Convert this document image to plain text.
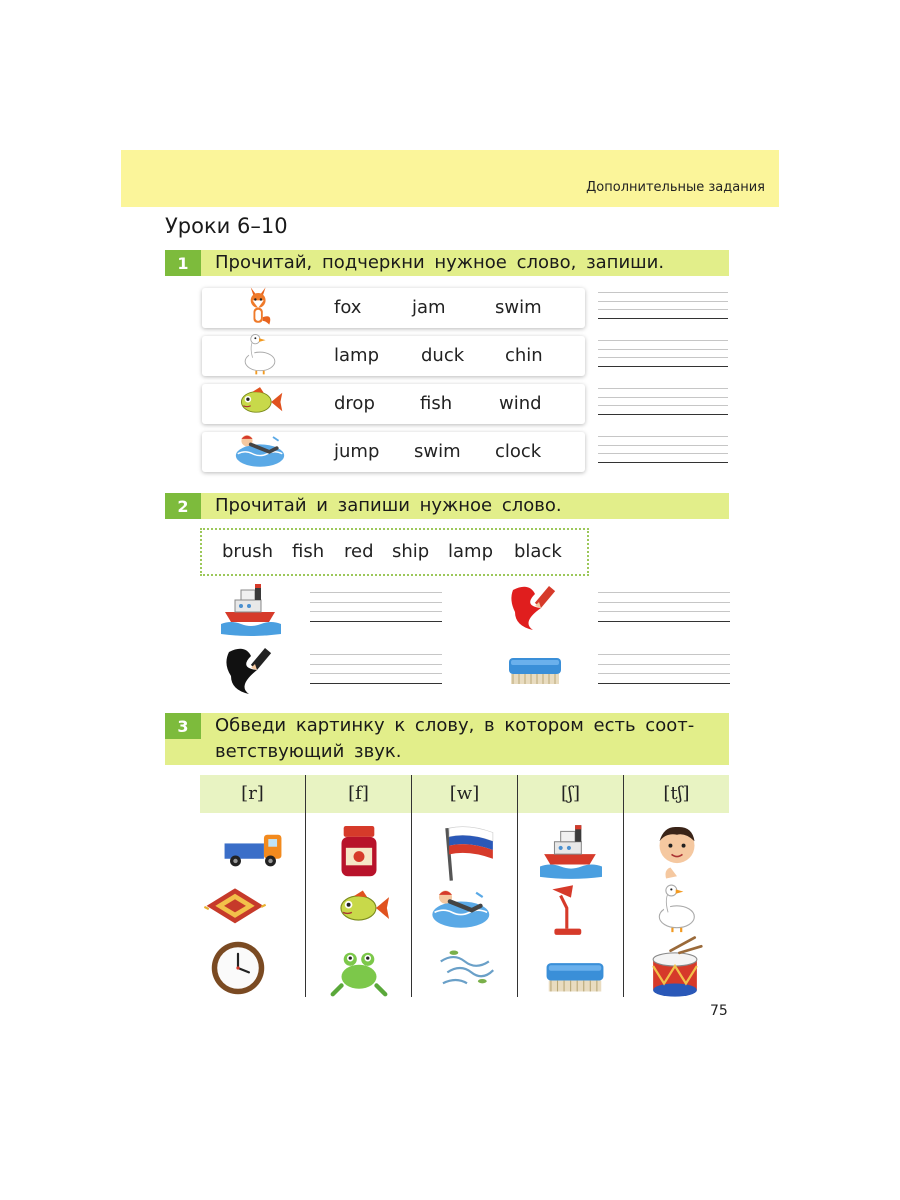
Дополнительные задания
Уроки 6–10
1	Прочитай, подчеркни нужное слово, запиши.
fox	jam	swim
lamp duck chin
drop	fish	wind
jump swim clock
2	Прочитай и запиши нужное слово.
brush fish red ship lamp black
3	Обведи картинку к слову, в котором есть соот-
ветствующий звук.
[r]	[f]	[w]	[ʃ]	[tʃ]
75
